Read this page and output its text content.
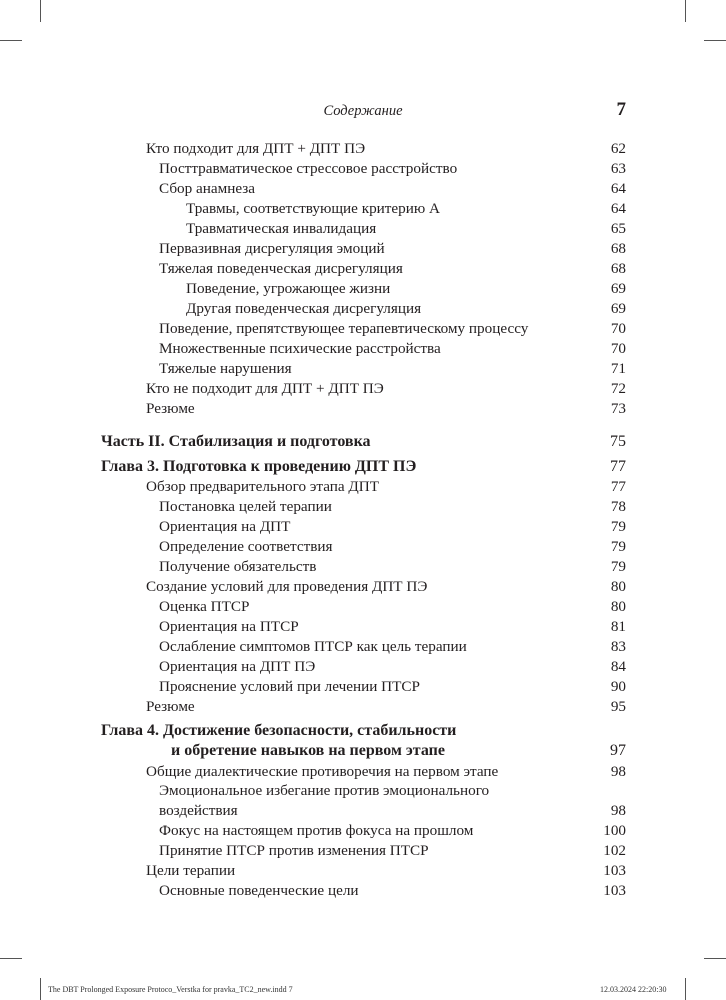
Содержание	7
Кто подходит для ДПТ + ДПТ ПЭ	62
Посттравматическое стрессовое расстройство	63
Сбор анамнеза	64
Травмы, соответствующие критерию А	64
Травматическая инвалидация	65
Первазивная дисрегуляция эмоций	68
Тяжелая поведенческая дисрегуляция	68
Поведение, угрожающее жизни	69
Другая поведенческая дисрегуляция	69
Поведение, препятствующее терапевтическому процессу	70
Множественные психические расстройства	70
Тяжелые нарушения	71
Кто не подходит для ДПТ + ДПТ ПЭ	72
Резюме	73
Часть II. Стабилизация и подготовка	75
Глава 3. Подготовка к проведению ДПТ ПЭ	77
Обзор предварительного этапа ДПТ	77
Постановка целей терапии	78
Ориентация на ДПТ	79
Определение соответствия	79
Получение обязательств	79
Создание условий для проведения ДПТ ПЭ	80
Оценка ПТСР	80
Ориентация на ПТСР	81
Ослабление симптомов ПТСР как цель терапии	83
Ориентация на ДПТ ПЭ	84
Прояснение условий при лечении ПТСР	90
Резюме	95
Глава 4. Достижение безопасности, стабильности
и обретение навыков на первом этапе	97
Общие диалектические противоречия на первом этапе	98
Эмоциональное избегание против эмоционального
воздействия	98
Фокус на настоящем против фокуса на прошлом	100
Принятие ПТСР против изменения ПТСР	102
Цели терапии	103
Основные поведенческие цели	103
The DBT Prolonged Exposure Protoco_Verstka for pravka_TC2_new.indd 7	12.03.2024 22:20:30
